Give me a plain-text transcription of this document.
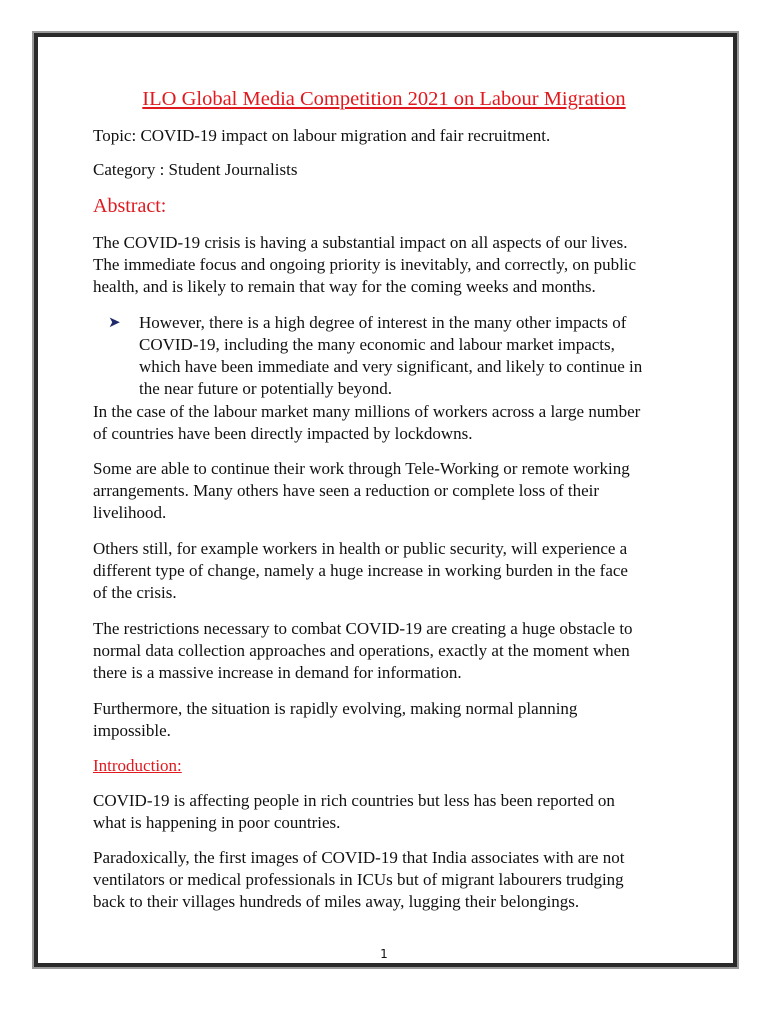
ILO Global Media Competition 2021 on Labour Migration
Topic: COVID-19 impact on labour migration and fair recruitment.
Category : Student Journalists
Abstract:
The COVID-19 crisis is having a substantial impact on all aspects of our lives.
The immediate focus and ongoing priority is inevitably, and correctly, on public
health, and is likely to remain that way for the coming weeks and months.
➤ However, there is a high degree of interest in the many other impacts of
COVID-19, including the many economic and labour market impacts,
which have been immediate and very significant, and likely to continue in
the near future or potentially beyond.
In the case of the labour market many millions of workers across a large number
of countries have been directly impacted by lockdowns.
Some are able to continue their work through Tele-Working or remote working
arrangements. Many others have seen a reduction or complete loss of their
livelihood.
Others still, for example workers in health or public security, will experience a
different type of change, namely a huge increase in working burden in the face
of the crisis.
The restrictions necessary to combat COVID-19 are creating a huge obstacle to
normal data collection approaches and operations, exactly at the moment when
there is a massive increase in demand for information.
Furthermore, the situation is rapidly evolving, making normal planning
impossible.
Introduction:
COVID-19 is affecting people in rich countries but less has been reported on
what is happening in poor countries.
Paradoxically, the first images of COVID-19 that India associates with are not
ventilators or medical professionals in ICUs but of migrant labourers trudging
back to their villages hundreds of miles away, lugging their belongings.
1
